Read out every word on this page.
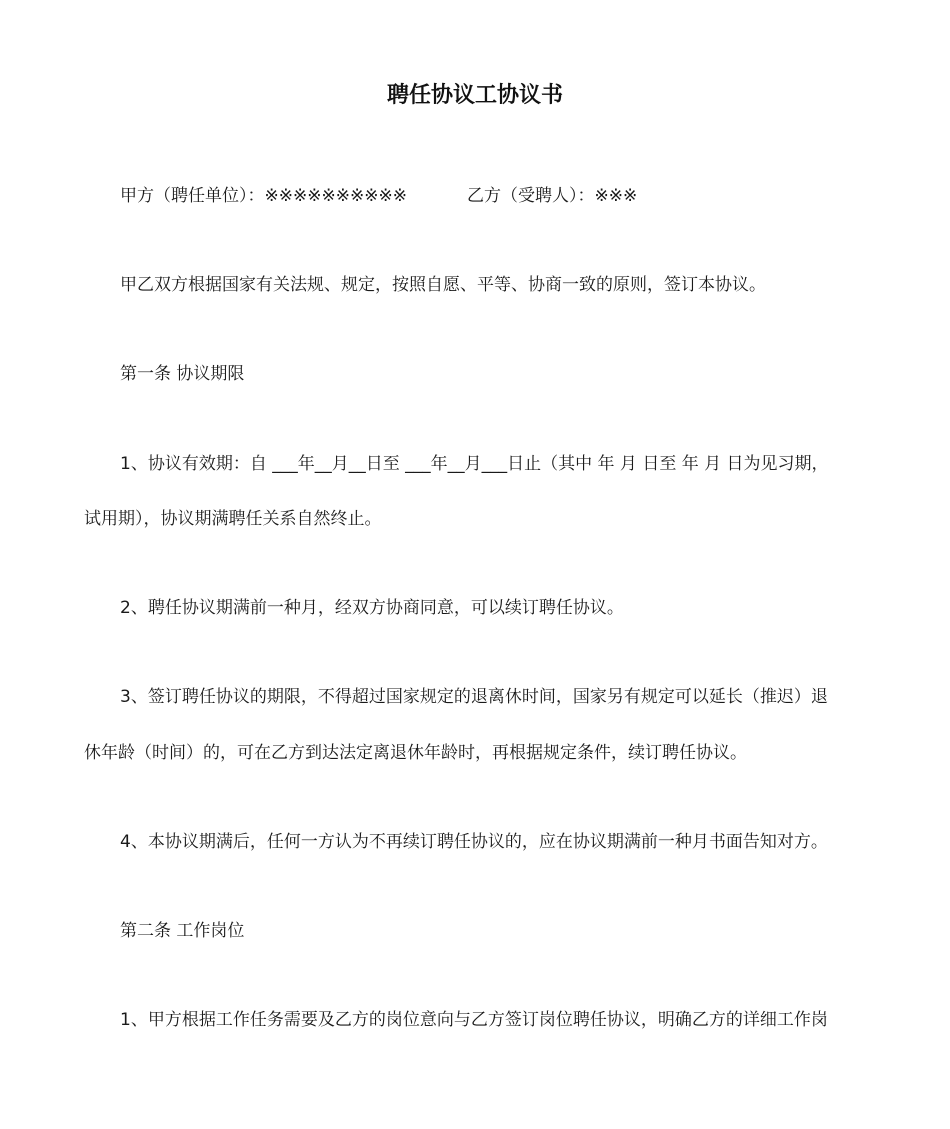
聘任协议工协议书
甲方（聘任单位）：※※※※※※※※※※	乙方（受聘人）：※※※
甲乙双方根据国家有关法规、规定，按照自愿、平等、协商一致的原则，签订本协议。
第一条 协议期限
1、协议有效期：自 ___年__月__日至 ___年__月___日止（其中 年 月 日至 年 月 日为见习期，
试用期），协议期满聘任关系自然终止。
2、聘任协议期满前一种月，经双方协商同意，可以续订聘任协议。
3、签订聘任协议的期限，不得超过国家规定的退离休时间，国家另有规定可以延长（推迟）退
休年龄（时间）的，可在乙方到达法定离退休年龄时，再根据规定条件，续订聘任协议。
4、本协议期满后，任何一方认为不再续订聘任协议的，应在协议期满前一种月书面告知对方。
第二条 工作岗位
1、甲方根据工作任务需要及乙方的岗位意向与乙方签订岗位聘任协议，明确乙方的详细工作岗
